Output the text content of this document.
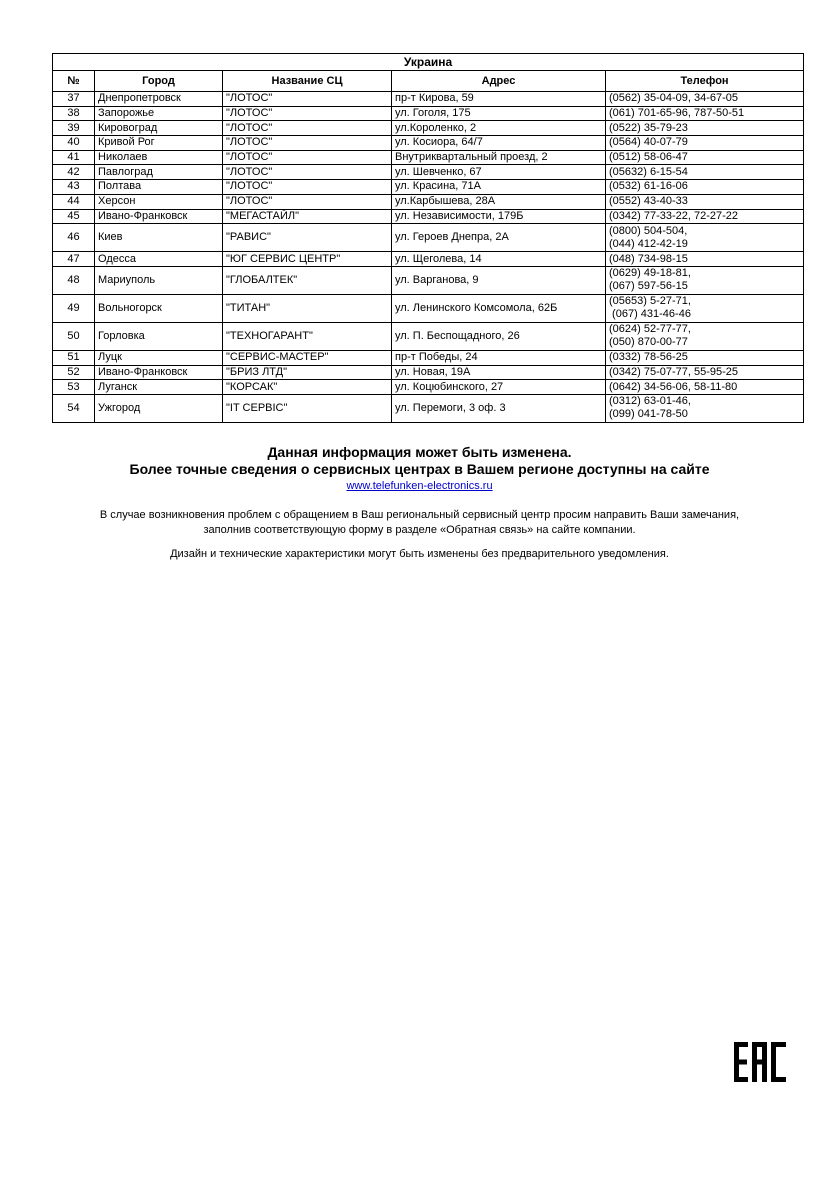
Украина				
№	Город	Название СЦ	Адрес	Телефон
37	Днепропетровск	"ЛОТОС"	пр-т Кирова, 59	(0562) 35-04-09, 34-67-05

38	Запорожье	"ЛОТОС"	ул. Гоголя, 175	(061) 701-65-96, 787-50-51

39	Кировоград	"ЛОТОС"	ул.Короленко, 2	(0522) 35-79-23

40	Кривой Рог	"ЛОТОС"	ул. Косиора, 64/7	(0564) 40-07-79

41	Николаев	"ЛОТОС"	Внутриквартальный проезд, 2	(0512) 58-06-47

42	Павлоград	"ЛОТОС"	ул. Шевченко, 67	(05632) 6-15-54

43	Полтава	"ЛОТОС"	ул. Красина, 71А	(0532) 61-16-06

44	Херсон	"ЛОТОС"	ул.Карбышева, 28А	(0552) 43-40-33

45	Ивано-Франковск	"МЕГАСТАЙЛ"	ул. Независимости, 179Б	(0342) 77-33-22, 72-27-22

46	Киев	"РАВИС"	ул. Героев Днепра, 2А	(0800) 504-504,
(044) 412-42-19

47	Одесса	"ЮГ СЕРВИС ЦЕНТР"	ул. Щеголева, 14	(048) 734-98-15

48	Мариуполь	"ГЛОБАЛТЕК"	ул. Варганова, 9	(0629) 49-18-81,
(067) 597-56-15

49	Вольногорск	"ТИТАН"	ул. Ленинского Комсомола, 62Б	(05653) 5-27-71,
(067) 431-46-46

50	Горловка	"ТЕХНОГАРАНТ"	ул. П. Беспощадного, 26	(0624) 52-77-77,
(050) 870-00-77

51	Луцк	"СЕРВИС-МАСТЕР"	пр-т Победы, 24	(0332) 78-56-25

52	Ивано-Франковск	"БРИЗ ЛТД"	ул. Новая, 19А	(0342) 75-07-77, 55-95-25

53	Луганск	"КОРСАК"	ул. Коцюбинского, 27	(0642) 34-56-06, 58-11-80

54	Ужгород	"IT СЕРВІС"	ул. Перемоги, 3 оф. 3	(0312) 63-01-46,
(099) 041-78-50
Данная информация может быть изменена.
Более точные сведения о сервисных центрах в Вашем регионе доступны на сайте
www.telefunken-electronics.ru
В случае возникновения проблем с обращением в Ваш региональный сервисный центр просим направить Ваши замечания,
заполнив соответствующую форму в разделе «Обратная связь» на сайте компании.
Дизайн и технические характеристики могут быть изменены без предварительного уведомления.
